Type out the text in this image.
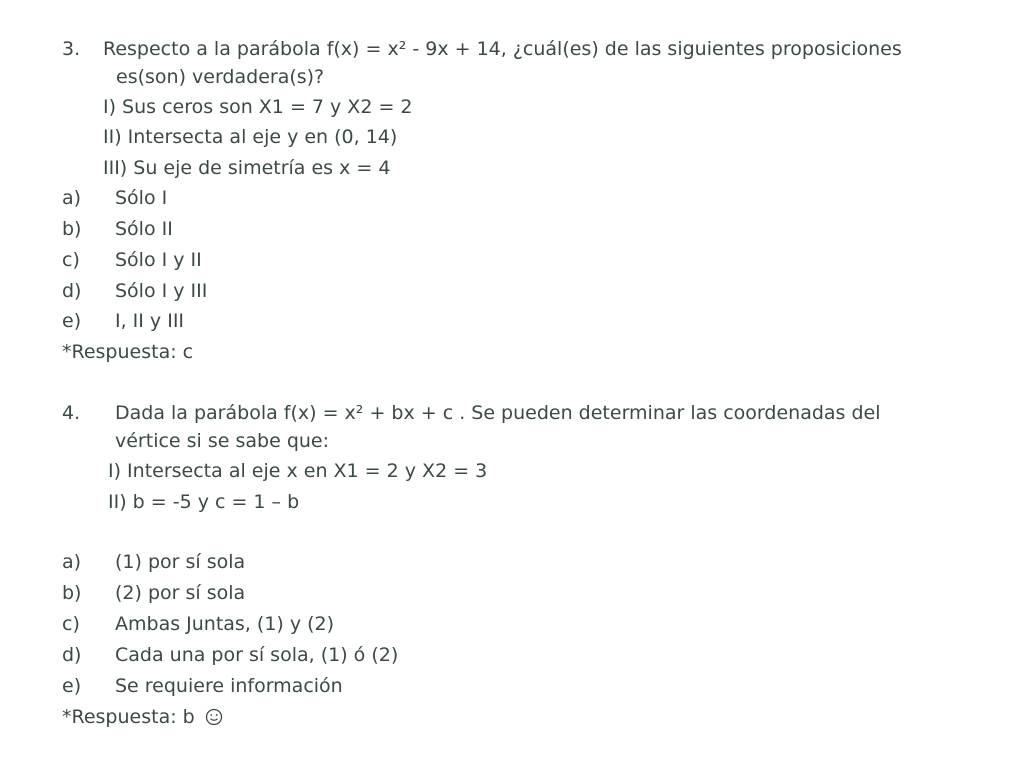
3. Respecto a la parábola f(x) = x² - 9x + 14, ¿cuál(es) de las siguientes proposiciones
es(son) verdadera(s)?
I) Sus ceros son X1 = 7 y X2 = 2
II) Intersecta al eje y en (0, 14)
III) Su eje de simetría es x = 4
a) Sólo I
b) Sólo II
c) Sólo I y II
d) Sólo I y III
e) I, II y III
*Respuesta: c
4. Dada la parábola f(x) = x² + bx + c . Se pueden determinar las coordenadas del
vértice si se sabe que:
I) Intersecta al eje x en X1 = 2 y X2 = 3
II) b = -5 y c = 1 – b
a) (1) por sí sola
b) (2) por sí sola
c) Ambas Juntas, (1) y (2)
d) Cada una por sí sola, (1) ó (2)
e) Se requiere información
*Respuesta: b
